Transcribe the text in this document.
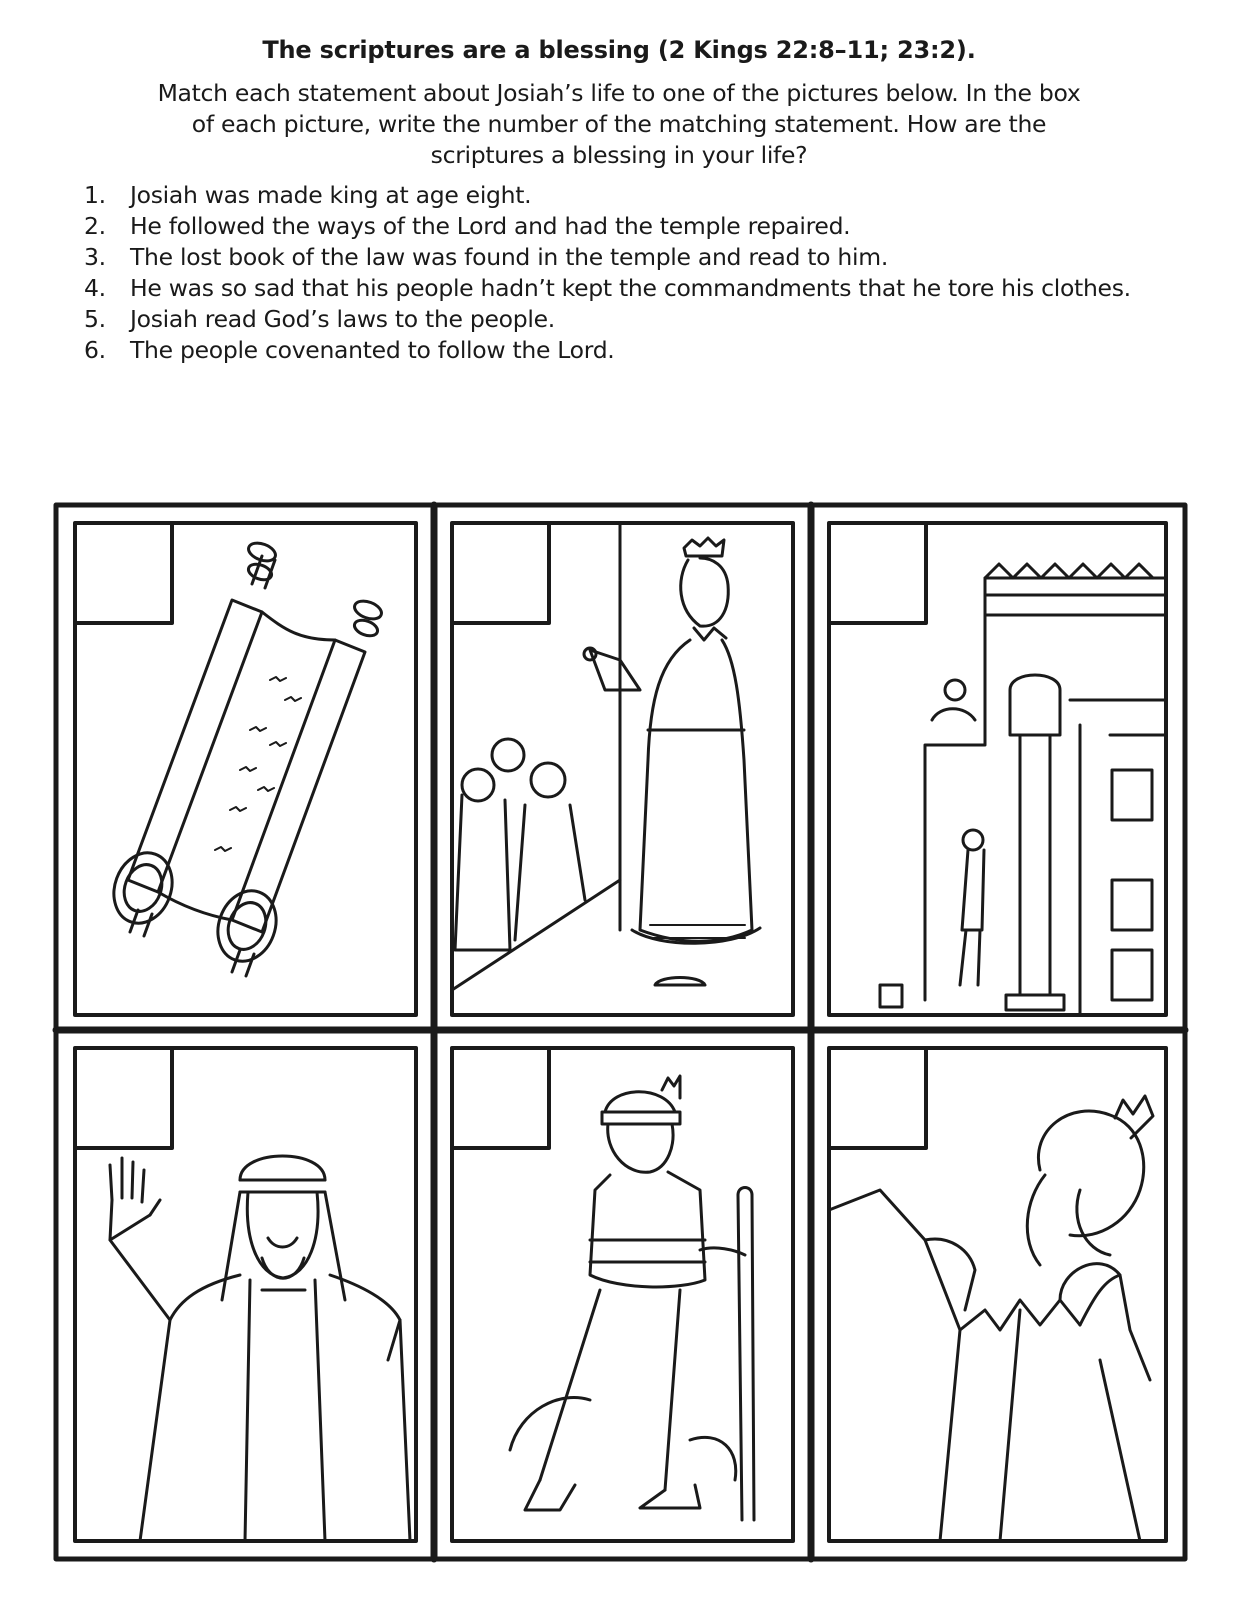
The scriptures are a blessing (2 Kings 22:8–11; 23:2).
Match each statement about Josiah’s life to one of the pictures below. In the box of each picture, write the number of the matching statement. How are the scriptures a blessing in your life?
1.	Josiah was made king at age eight.
2.	He followed the ways of the Lord and had the temple repaired.
3.	The lost book of the law was found in the temple and read to him.
4.	He was so sad that his people hadn’t kept the commandments that he tore his clothes.
5.	Josiah read God’s laws to the people.
6.	The people covenanted to follow the Lord.
